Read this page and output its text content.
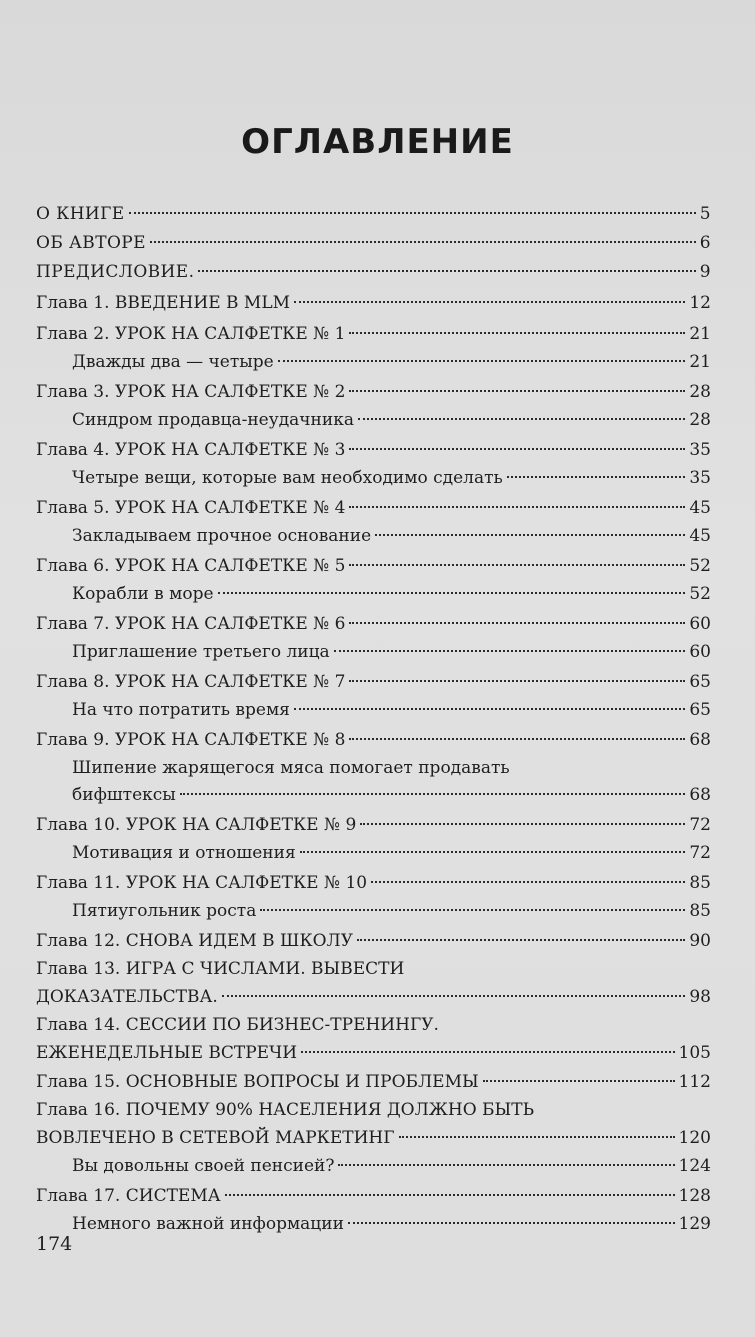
ОГЛАВЛЕНИЕ
О КНИГЕ	5
ОБ АВТОРЕ	6
ПРЕДИСЛОВИЕ.	9
Глава 1. ВВЕДЕНИЕ В MLM	12
Глава 2. УРОК НА САЛФЕТКЕ № 1	21
Дважды два — четыре	21
Глава 3. УРОК НА САЛФЕТКЕ № 2	28
Синдром продавца-неудачника	28
Глава 4. УРОК НА САЛФЕТКЕ № 3	35
Четыре вещи, которые вам необходимо сделать	35
Глава 5. УРОК НА САЛФЕТКЕ № 4	45
Закладываем прочное основание	45
Глава 6. УРОК НА САЛФЕТКЕ № 5	52
Корабли в море	52
Глава 7. УРОК НА САЛФЕТКЕ № 6	60
Приглашение третьего лица	60
Глава 8. УРОК НА САЛФЕТКЕ № 7	65
На что потратить время	65
Глава 9. УРОК НА САЛФЕТКЕ № 8	68
Шипение жарящегося мяса помогает продавать
бифштексы	68
Глава 10. УРОК НА САЛФЕТКЕ № 9	72
Мотивация и отношения	72
Глава 11. УРОК НА САЛФЕТКЕ № 10	85
Пятиугольник роста	85
Глава 12. СНОВА ИДЕМ В ШКОЛУ	90
Глава 13. ИГРА С ЧИСЛАМИ. ВЫВЕСТИ
ДОКАЗАТЕЛЬСТВА.	98
Глава 14. СЕССИИ ПО БИЗНЕС-ТРЕНИНГУ.
ЕЖЕНЕДЕЛЬНЫЕ ВСТРЕЧИ	105
Глава 15. ОСНОВНЫЕ ВОПРОСЫ И ПРОБЛЕМЫ	112
Глава 16. ПОЧЕМУ 90% НАСЕЛЕНИЯ ДОЛЖНО БЫТЬ
ВОВЛЕЧЕНО В СЕТЕВОЙ МАРКЕТИНГ	120
Вы довольны своей пенсией?	124
Глава 17. СИСТЕМА	128
Немного важной информации	129
174
